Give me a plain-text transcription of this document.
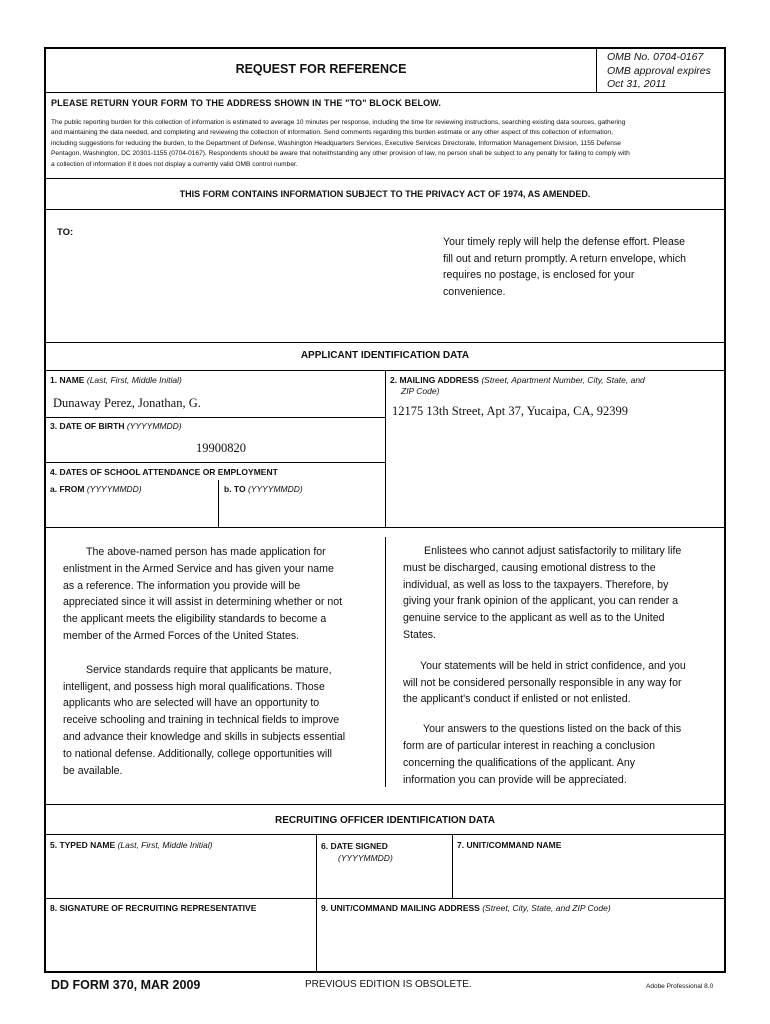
REQUEST FOR REFERENCE
OMB No. 0704-0167
OMB approval expires
Oct 31, 2011
PLEASE RETURN YOUR FORM TO THE ADDRESS SHOWN IN THE "TO" BLOCK BELOW.
The public reporting burden for this collection of information is estimated to average 10 minutes per response, including the time for reviewing instructions, searching existing data sources, gathering
and maintaining the data needed, and completing and reviewing the collection of information. Send comments regarding this burden estimate or any other aspect of this collection of information,
including suggestions for reducing the burden, to the Department of Defense, Washington Headquarters Services, Executive Services Directorate, Information Management Division, 1155 Defense
Pentagon, Washington, DC 20301-1155 (0704-0167). Respondents should be aware that notwithstanding any other provision of law, no person shall be subject to any penalty for failing to comply with
a collection of information if it does not display a currently valid OMB control number.
THIS FORM CONTAINS INFORMATION SUBJECT TO THE PRIVACY ACT OF 1974, AS AMENDED.
TO:
Your timely reply will help the defense effort. Please
fill out and return promptly. A return envelope, which
requires no postage, is enclosed for your
convenience.
APPLICANT IDENTIFICATION DATA
1. NAME (Last, First, Middle Initial)
Dunaway Perez, Jonathan, G.
2. MAILING ADDRESS (Street, Apartment Number, City, State, and
ZIP Code)
12175 13th Street, Apt 37, Yucaipa, CA, 92399
3. DATE OF BIRTH (YYYYMMDD)
19900820
4. DATES OF SCHOOL ATTENDANCE OR EMPLOYMENT
a. FROM (YYYYMMDD)	b. TO (YYYYMMDD)
The above-named person has made application for
enlistment in the Armed Service and has given your name
as a reference. The information you provide will be
appreciated since it will assist in determining whether or not
the applicant meets the eligibility standards to become a
member of the Armed Forces of the United States.
Service standards require that applicants be mature,
intelligent, and possess high moral qualifications. Those
applicants who are selected will have an opportunity to
receive schooling and training in technical fields to improve
and advance their knowledge and skills in subjects essential
to national defense. Additionally, college opportunities will
be available.
Enlistees who cannot adjust satisfactorily to military life
must be discharged, causing emotional distress to the
individual, as well as loss to the taxpayers. Therefore, by
giving your frank opinion of the applicant, you can render a
genuine service to the applicant as well as to the United
States.
Your statements will be held in strict confidence, and you
will not be considered personally responsible in any way for
the applicant's conduct if enlisted or not enlisted.
Your answers to the questions listed on the back of this
form are of particular interest in reaching a conclusion
concerning the qualifications of the applicant. Any
information you can provide will be appreciated.
RECRUITING OFFICER IDENTIFICATION DATA
5. TYPED NAME (Last, First, Middle Initial)	6. DATE SIGNED
(YYYYMMDD)
7. UNIT/COMMAND NAME
8. SIGNATURE OF RECRUITING REPRESENTATIVE	9. UNIT/COMMAND MAILING ADDRESS (Street, City, State, and ZIP Code)
DD FORM 370, MAR 2009	PREVIOUS EDITION IS OBSOLETE.	Adobe Professional 8.0
